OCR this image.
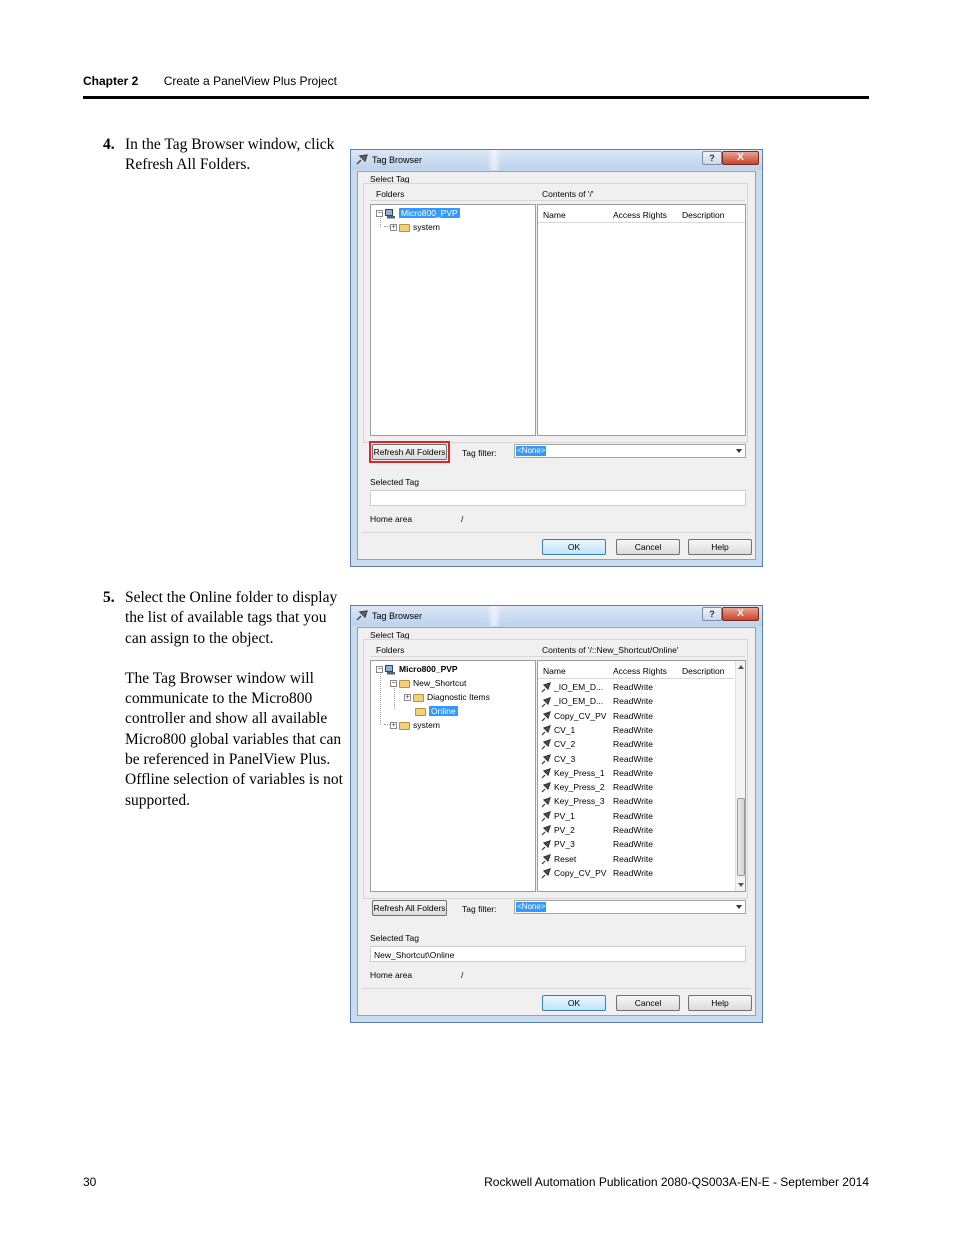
Chapter 2 Create a PanelView Plus Project
4. In the Tag Browser window, click Refresh All Folders.

5. Select the Online folder to display the list of available tags that you can assign to the object.

The Tag Browser window will communicate to the Micro800 controller and show all available Micro800 global variables that can be referenced in PanelView Plus. Offline selection of variables is not supported.

Tag Browser	?	X
Select Tag
Folders	Contents of '/'
− Micro800_PVP
+ system
Name	Access Rights Description
Refresh All Folders Tag filter:	<None>
Selected Tag
Home area	/
OK	Cancel	Help
Tag Browser	?	X
Select Tag
Folders	Contents of '/::New_Shortcut/Online'
− Micro800_PVP
− New_Shortcut
+ Diagnostic Items
Online
+ system
Name	Access Rights Description
_IO_EM_D... ReadWrite
_IO_EM_D... ReadWrite
Copy_CV_PV ReadWrite
CV_1	ReadWrite
CV_2	ReadWrite
CV_3	ReadWrite
Key_Press_1 ReadWrite
Key_Press_2 ReadWrite
Key_Press_3 ReadWrite
PV_1	ReadWrite
PV_2	ReadWrite
PV_3	ReadWrite
Reset	ReadWrite
Copy_CV_PV ReadWrite
Refresh All Folders Tag filter:	<None>
Selected Tag
New_Shortcut\Online
Home area	/
OK	Cancel	Help
30	Rockwell Automation Publication 2080-QS003A-EN-E - September 2014
